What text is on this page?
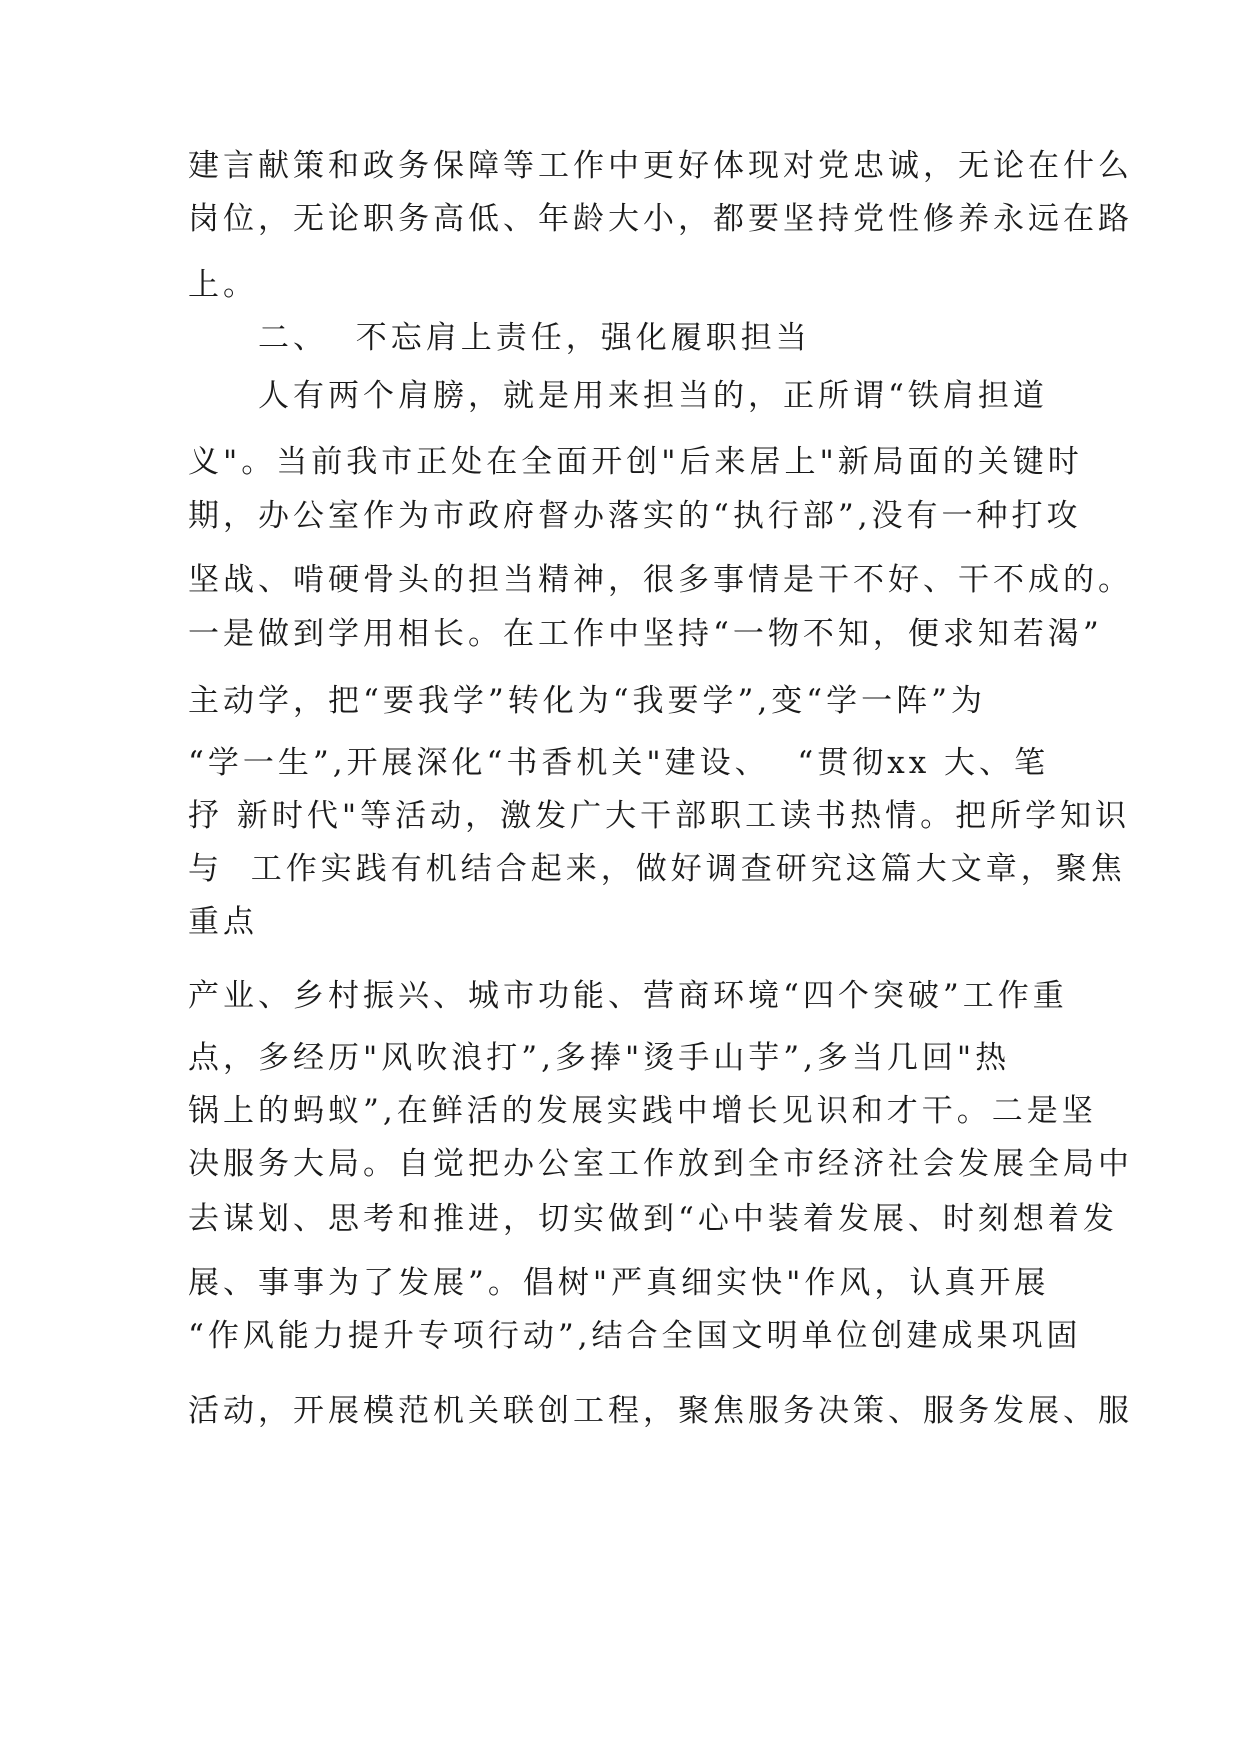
建言献策和政务保障等工作中更好体现对党忠诚，无论在什么

岗位，无论职务高低、年龄大小，都要坚持党性修养永远在路

上。

二、  不忘肩上责任，强化履职担当

人有两个肩膀，就是用来担当的，正所谓“铁肩担道

义"。当前我市正处在全面开创"后来居上"新局面的关键时

期，办公室作为市政府督办落实的“执行部”,没有一种打攻

坚战、啃硬骨头的担当精神，很多事情是干不好、干不成的。

一是做到学用相长。在工作中坚持“一物不知，便求知若渴”

主动学，把“要我学”转化为“我要学”,变“学一阵”为

“学一生”,开展深化“书香机关"建设、  “贯彻xx 大、笔

抒 新时代"等活动，激发广大干部职工读书热情。把所学知识

与  工作实践有机结合起来，做好调查研究这篇大文章，聚焦

重点

产业、乡村振兴、城市功能、营商环境“四个突破”工作重

点，多经历"风吹浪打”,多捧"烫手山芋”,多当几回"热

锅上的蚂蚁”,在鲜活的发展实践中增长见识和才干。二是坚

决服务大局。自觉把办公室工作放到全市经济社会发展全局中

去谋划、思考和推进，切实做到“心中装着发展、时刻想着发

展、事事为了发展”。倡树"严真细实快"作风，认真开展

“作风能力提升专项行动”,结合全国文明单位创建成果巩固

活动，开展模范机关联创工程，聚焦服务决策、服务发展、服
